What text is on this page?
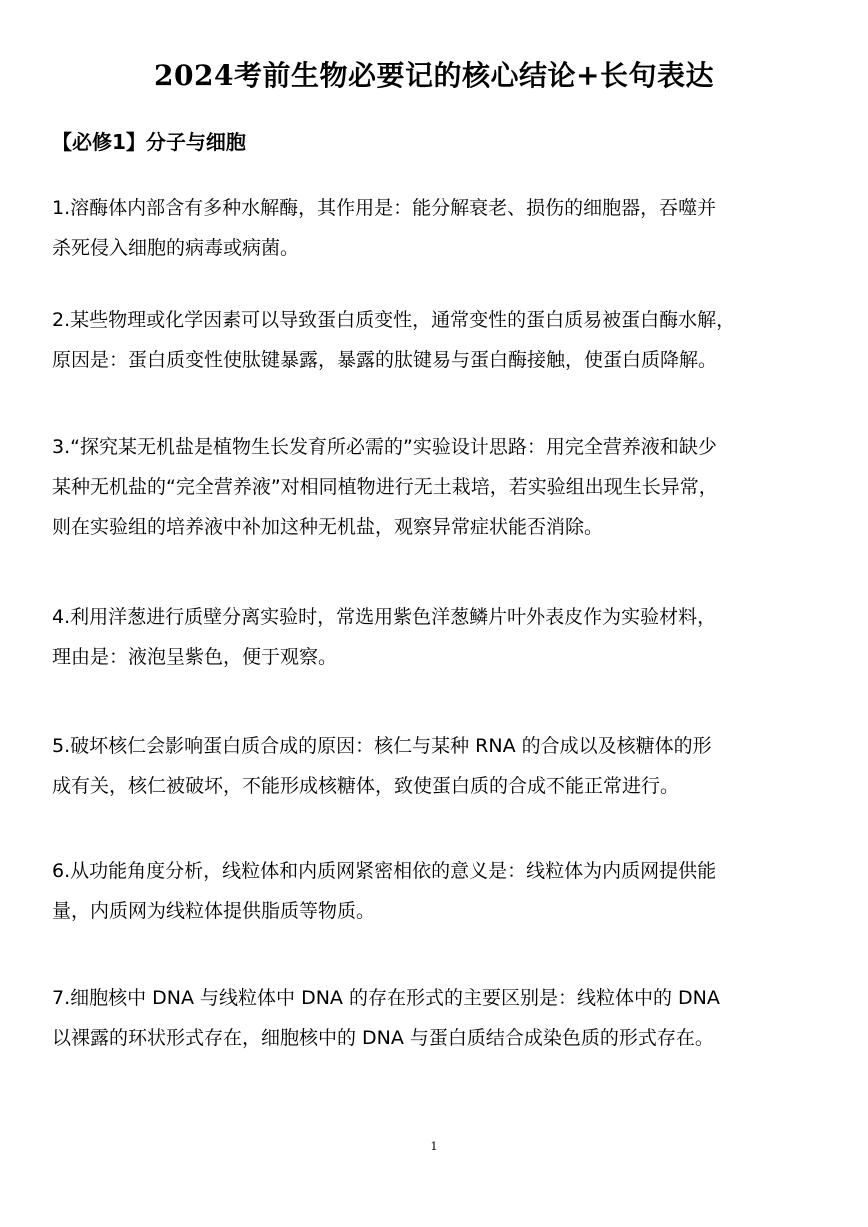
2024考前生物必要记的核心结论+长句表达
【必修1】分子与细胞
1.溶酶体内部含有多种水解酶，其作用是：能分解衰老、损伤的细胞器，吞噬并
杀死侵入细胞的病毒或病菌。
2.某些物理或化学因素可以导致蛋白质变性，通常变性的蛋白质易被蛋白酶水解，
原因是：蛋白质变性使肽键暴露，暴露的肽键易与蛋白酶接触，使蛋白质降解。
3.“探究某无机盐是植物生长发育所必需的”实验设计思路：用完全营养液和缺少
某种无机盐的“完全营养液”对相同植物进行无土栽培，若实验组出现生长异常，
则在实验组的培养液中补加这种无机盐，观察异常症状能否消除。
4.利用洋葱进行质壁分离实验时，常选用紫色洋葱鳞片叶外表皮作为实验材料，
理由是：液泡呈紫色，便于观察。
5.破坏核仁会影响蛋白质合成的原因：核仁与某种 RNA 的合成以及核糖体的形
成有关，核仁被破坏，不能形成核糖体，致使蛋白质的合成不能正常进行。
6.从功能角度分析，线粒体和内质网紧密相依的意义是：线粒体为内质网提供能
量，内质网为线粒体提供脂质等物质。
7.细胞核中 DNA 与线粒体中 DNA 的存在形式的主要区别是：线粒体中的 DNA
以裸露的环状形式存在，细胞核中的 DNA 与蛋白质结合成染色质的形式存在。
1
